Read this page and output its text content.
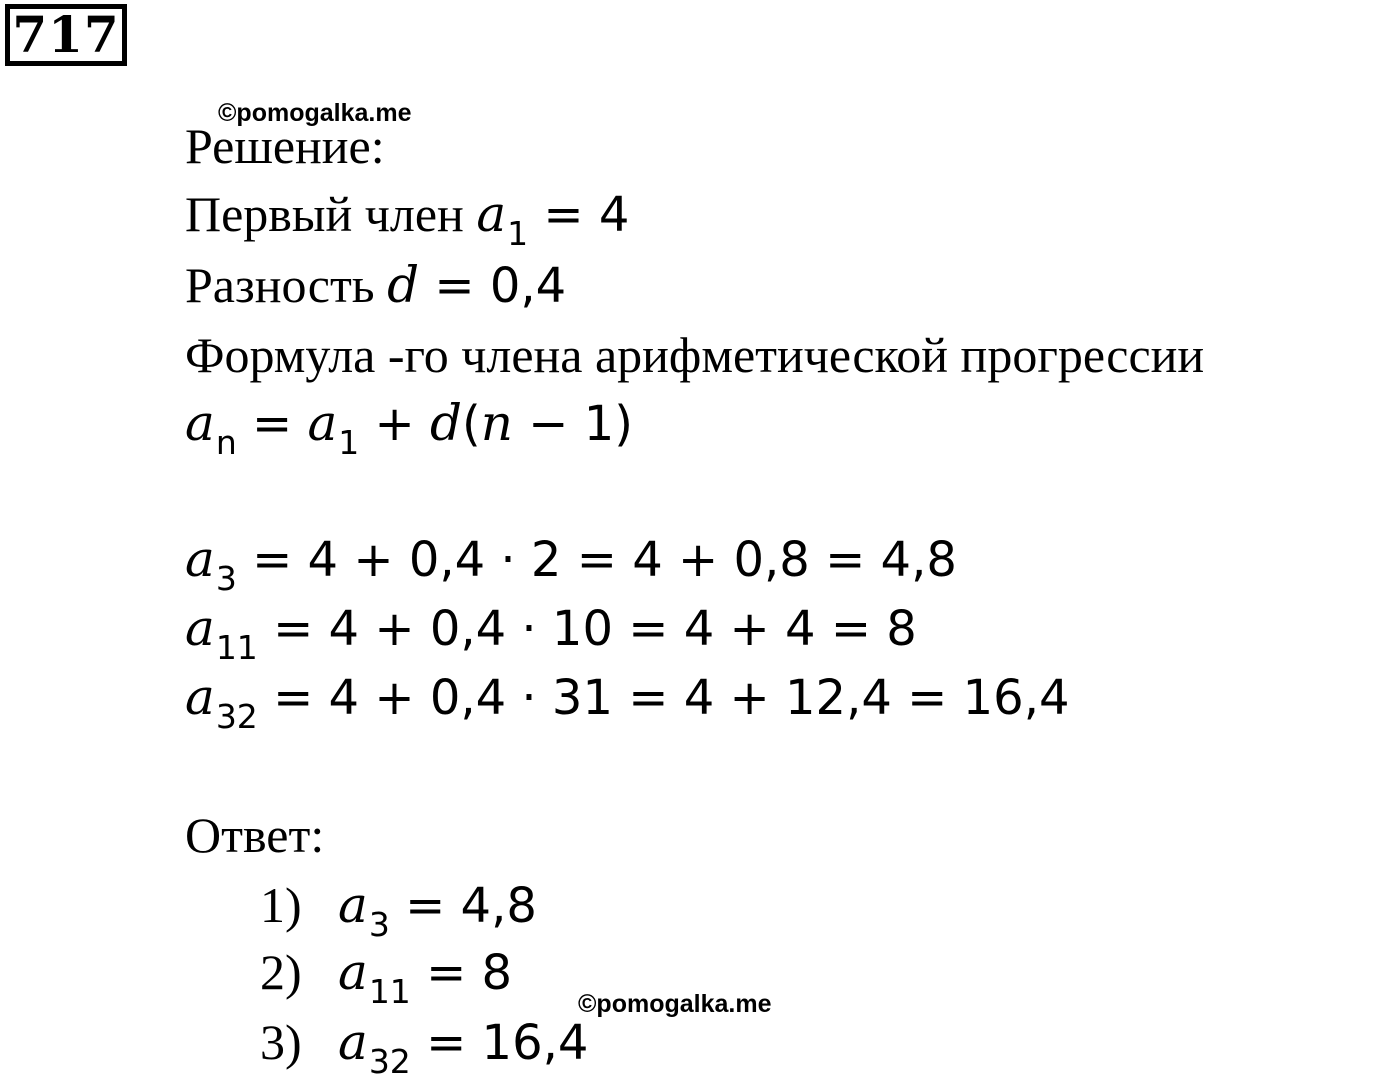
717
©pomogalka.me
Решение:
Первый член $a_1 = 4$
Разность d = 0,4
Формула -го члена арифметической прогрессии
$a_n = a_1 + d(n - 1)$
$a_3 = 4 + 0,4 \cdot 2 = 4 + 0,8 = 4,8$
$a_{11} = 4 + 0,4 \cdot 10 = 4 + 4 = 8$
$a_{32} = 4 + 0,4 \cdot 31 = 4 + 12,4 = 16,4$
Ответ:
1) $a_3 = 4,8$
2) $a_{11} = 8$
3) $a_{32} = 16,4$
©pomogalka.me
